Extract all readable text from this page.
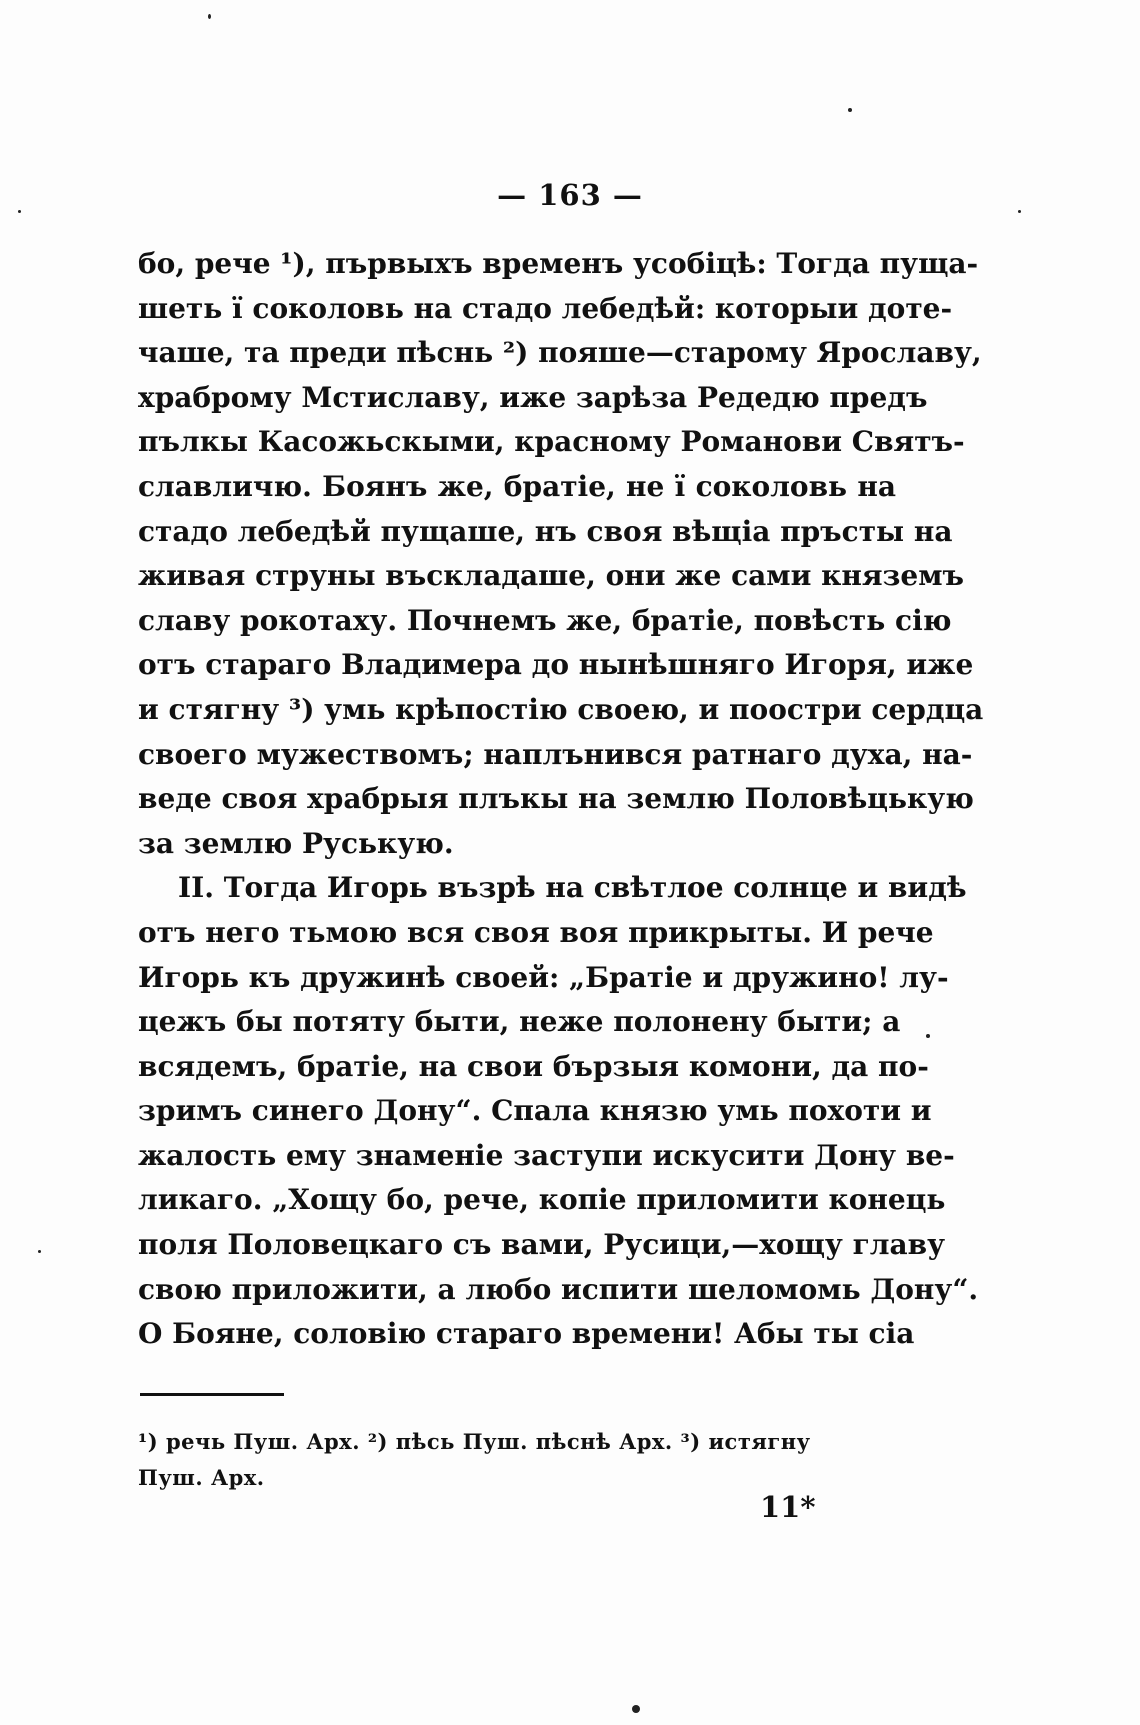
— 163 —
бо, рече ¹), първыхъ временъ усобiцѣ: Тогда пуща-
шеть ї соколовь на стадо лебедѣй: которыи доте-
чаше, та преди пѣснь ²) пояше—старому Ярославу,
храброму Мстиславу, иже зарѣза Редедю предъ
пълкы Касожьскыми, красному Романови Святъ-
славличю. Боянъ же, братiе, не ї соколовь на
стадо лебедѣй пущаше, нъ своя вѣщiа пръсты на
живая струны въскладаше, они же сами княземъ
славу рокотаху. Почнемъ же, братiе, повѣсть сiю
отъ стараго Владимера до нынѣшняго Игоря, иже
и стягну ³) умь крѣпостiю своею, и поостри сердца
своего мужествомъ; наплънився ратнаго духа, на-
веде своя храбрыя плъкы на землю Половѣцькую
за землю Руськую.
II. Тогда Игорь възрѣ на свѣтлое солнце и видѣ
отъ него тьмою вся своя воя прикрыты. И рече
Игорь къ дружинѣ своей: „Братiе и дружино! лу-
цежъ бы потяту быти, неже полонену быти; а
всядемъ, братiе, на свои бързыя комони, да по-
зримъ синего Дону“. Спала князю умь похоти и
жалость ему знаменiе заступи искусити Дону ве-
ликаго. „Хощу бо, рече, копiе приломити конець
поля Половецкаго съ вами, Русици,—хощу главу
свою приложити, а любо испити шеломомь Дону“.
О Бояне, соловiю стараго времени! Абы ты сiа
¹) речь Пуш. Арх. ²) пѣсь Пуш. пѣснѣ Арх. ³) истягну
Пуш. Арх.
11*
